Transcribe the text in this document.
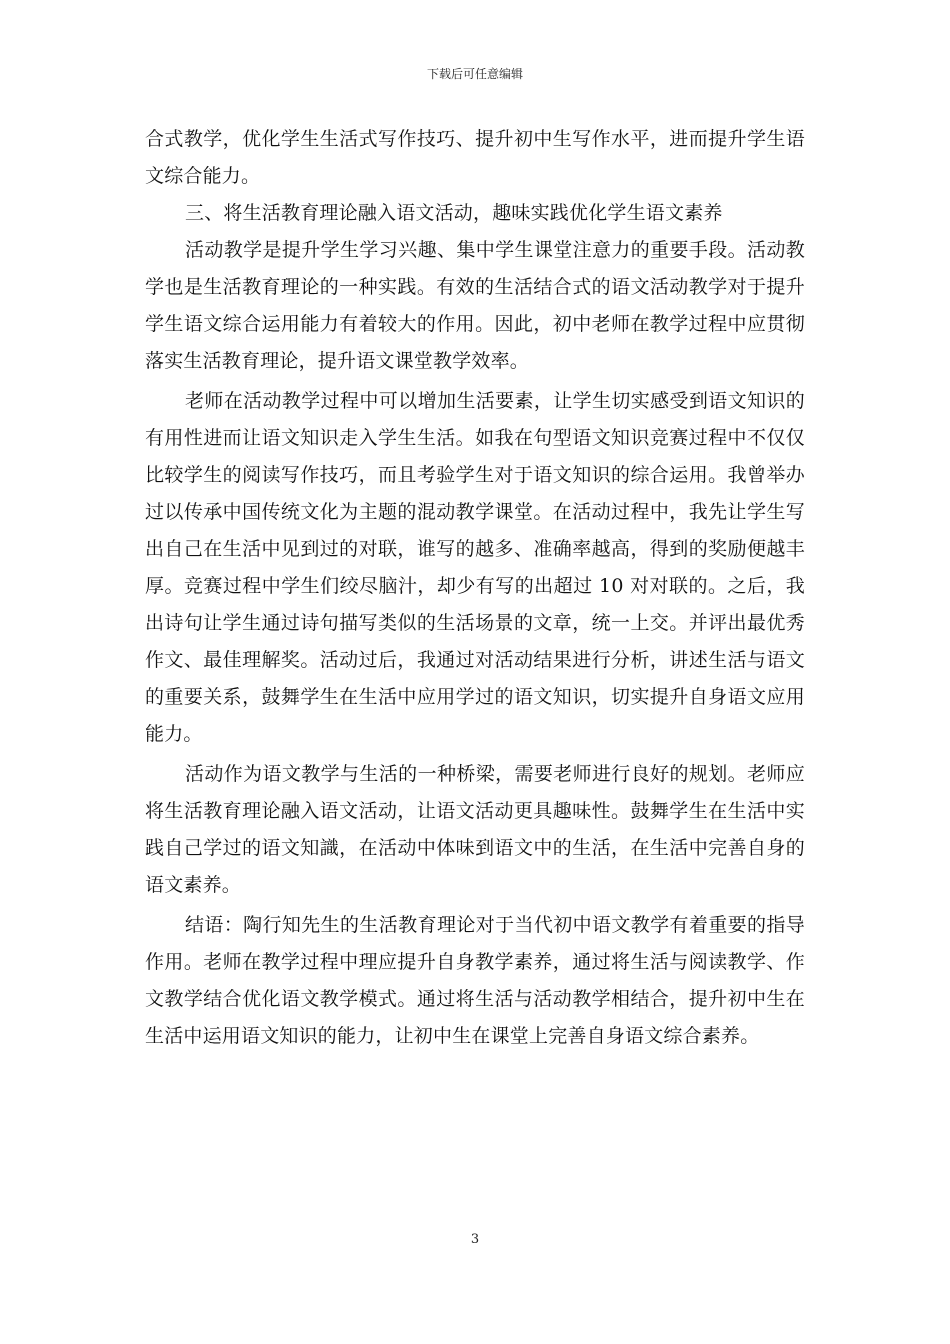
下载后可任意编辑

合式教学，优化学生生活式写作技巧、提升初中生写作水平，进而提升学生语文综合能力。

三、将生活教育理论融入语文活动，趣味实践优化学生语文素养

活动教学是提升学生学习兴趣、集中学生课堂注意力的重要手段。活动教学也是生活教育理论的一种实践。有效的生活结合式的语文活动教学对于提升学生语文综合运用能力有着较大的作用。因此，初中老师在教学过程中应贯彻落实生活教育理论，提升语文课堂教学效率。

老师在活动教学过程中可以增加生活要素，让学生切实感受到语文知识的有用性进而让语文知识走入学生生活。如我在句型语文知识竞赛过程中不仅仅比较学生的阅读写作技巧，而且考验学生对于语文知识的综合运用。我曾举办过以传承中国传统文化为主题的混动教学课堂。在活动过程中，我先让学生写出自己在生活中见到过的对联，谁写的越多、准确率越高，得到的奖励便越丰厚。竞赛过程中学生们绞尽脑汁，却少有写的出超过 10 对对联的。之后，我出诗句让学生通过诗句描写类似的生活场景的文章，统一上交。并评出最优秀作文、最佳理解奖。活动过后，我通过对活动结果进行分析，讲述生活与语文的重要关系，鼓舞学生在生活中应用学过的语文知识，切实提升自身语文应用能力。

活动作为语文教学与生活的一种桥梁，需要老师进行良好的规划。老师应将生活教育理论融入语文活动，让语文活动更具趣味性。鼓舞学生在生活中实践自己学过的语文知識，在活动中体味到语文中的生活，在生活中完善自身的语文素养。

结语：陶行知先生的生活教育理论对于当代初中语文教学有着重要的指导作用。老师在教学过程中理应提升自身教学素养，通过将生活与阅读教学、作文教学结合优化语文教学模式。通过将生活与活动教学相结合，提升初中生在生活中运用语文知识的能力，让初中生在课堂上完善自身语文综合素养。

3
